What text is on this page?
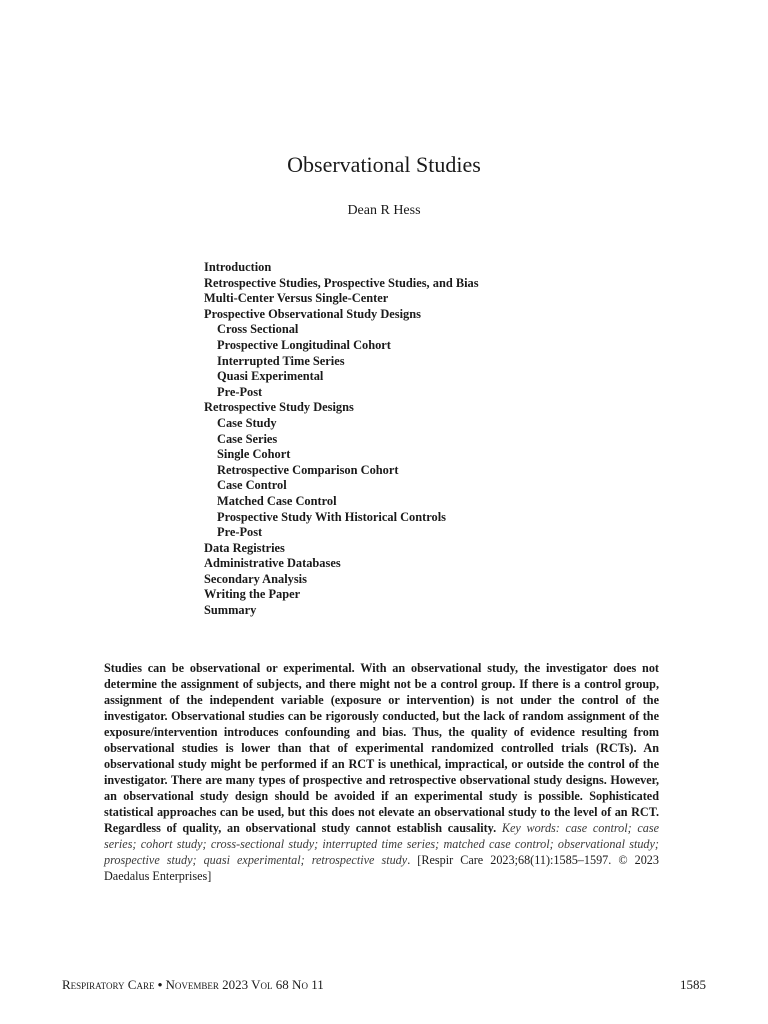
Observational Studies
Dean R Hess
Introduction
Retrospective Studies, Prospective Studies, and Bias
Multi-Center Versus Single-Center
Prospective Observational Study Designs
Cross Sectional
Prospective Longitudinal Cohort
Interrupted Time Series
Quasi Experimental
Pre-Post
Retrospective Study Designs
Case Study
Case Series
Single Cohort
Retrospective Comparison Cohort
Case Control
Matched Case Control
Prospective Study With Historical Controls
Pre-Post
Data Registries
Administrative Databases
Secondary Analysis
Writing the Paper
Summary

Studies can be observational or experimental. With an observational study, the investigator does not determine the assignment of subjects, and there might not be a control group. If there is a control group, assignment of the independent variable (exposure or intervention) is not under the control of the investigator. Observational studies can be rigorously conducted, but the lack of random assignment of the exposure/intervention introduces confounding and bias. Thus, the quality of evidence resulting from observational studies is lower than that of experimental randomized controlled trials (RCTs). An observational study might be performed if an RCT is unethical, impractical, or outside the control of the investigator. There are many types of prospective and retrospective observational study designs. However, an observational study design should be avoided if an experimental study is possible. Sophisticated statistical approaches can be used, but this does not elevate an observational study to the level of an RCT. Regardless of quality, an observational study cannot establish causality. Key words: case control; case series; cohort study; cross-sectional study; interrupted time series; matched case control; observational study; prospective study; quasi experimental; retrospective study. [Respir Care 2023;68(11):1585–1597. © 2023 Daedalus Enterprises]

Respiratory Care • November 2023 Vol 68 No 11	1585
